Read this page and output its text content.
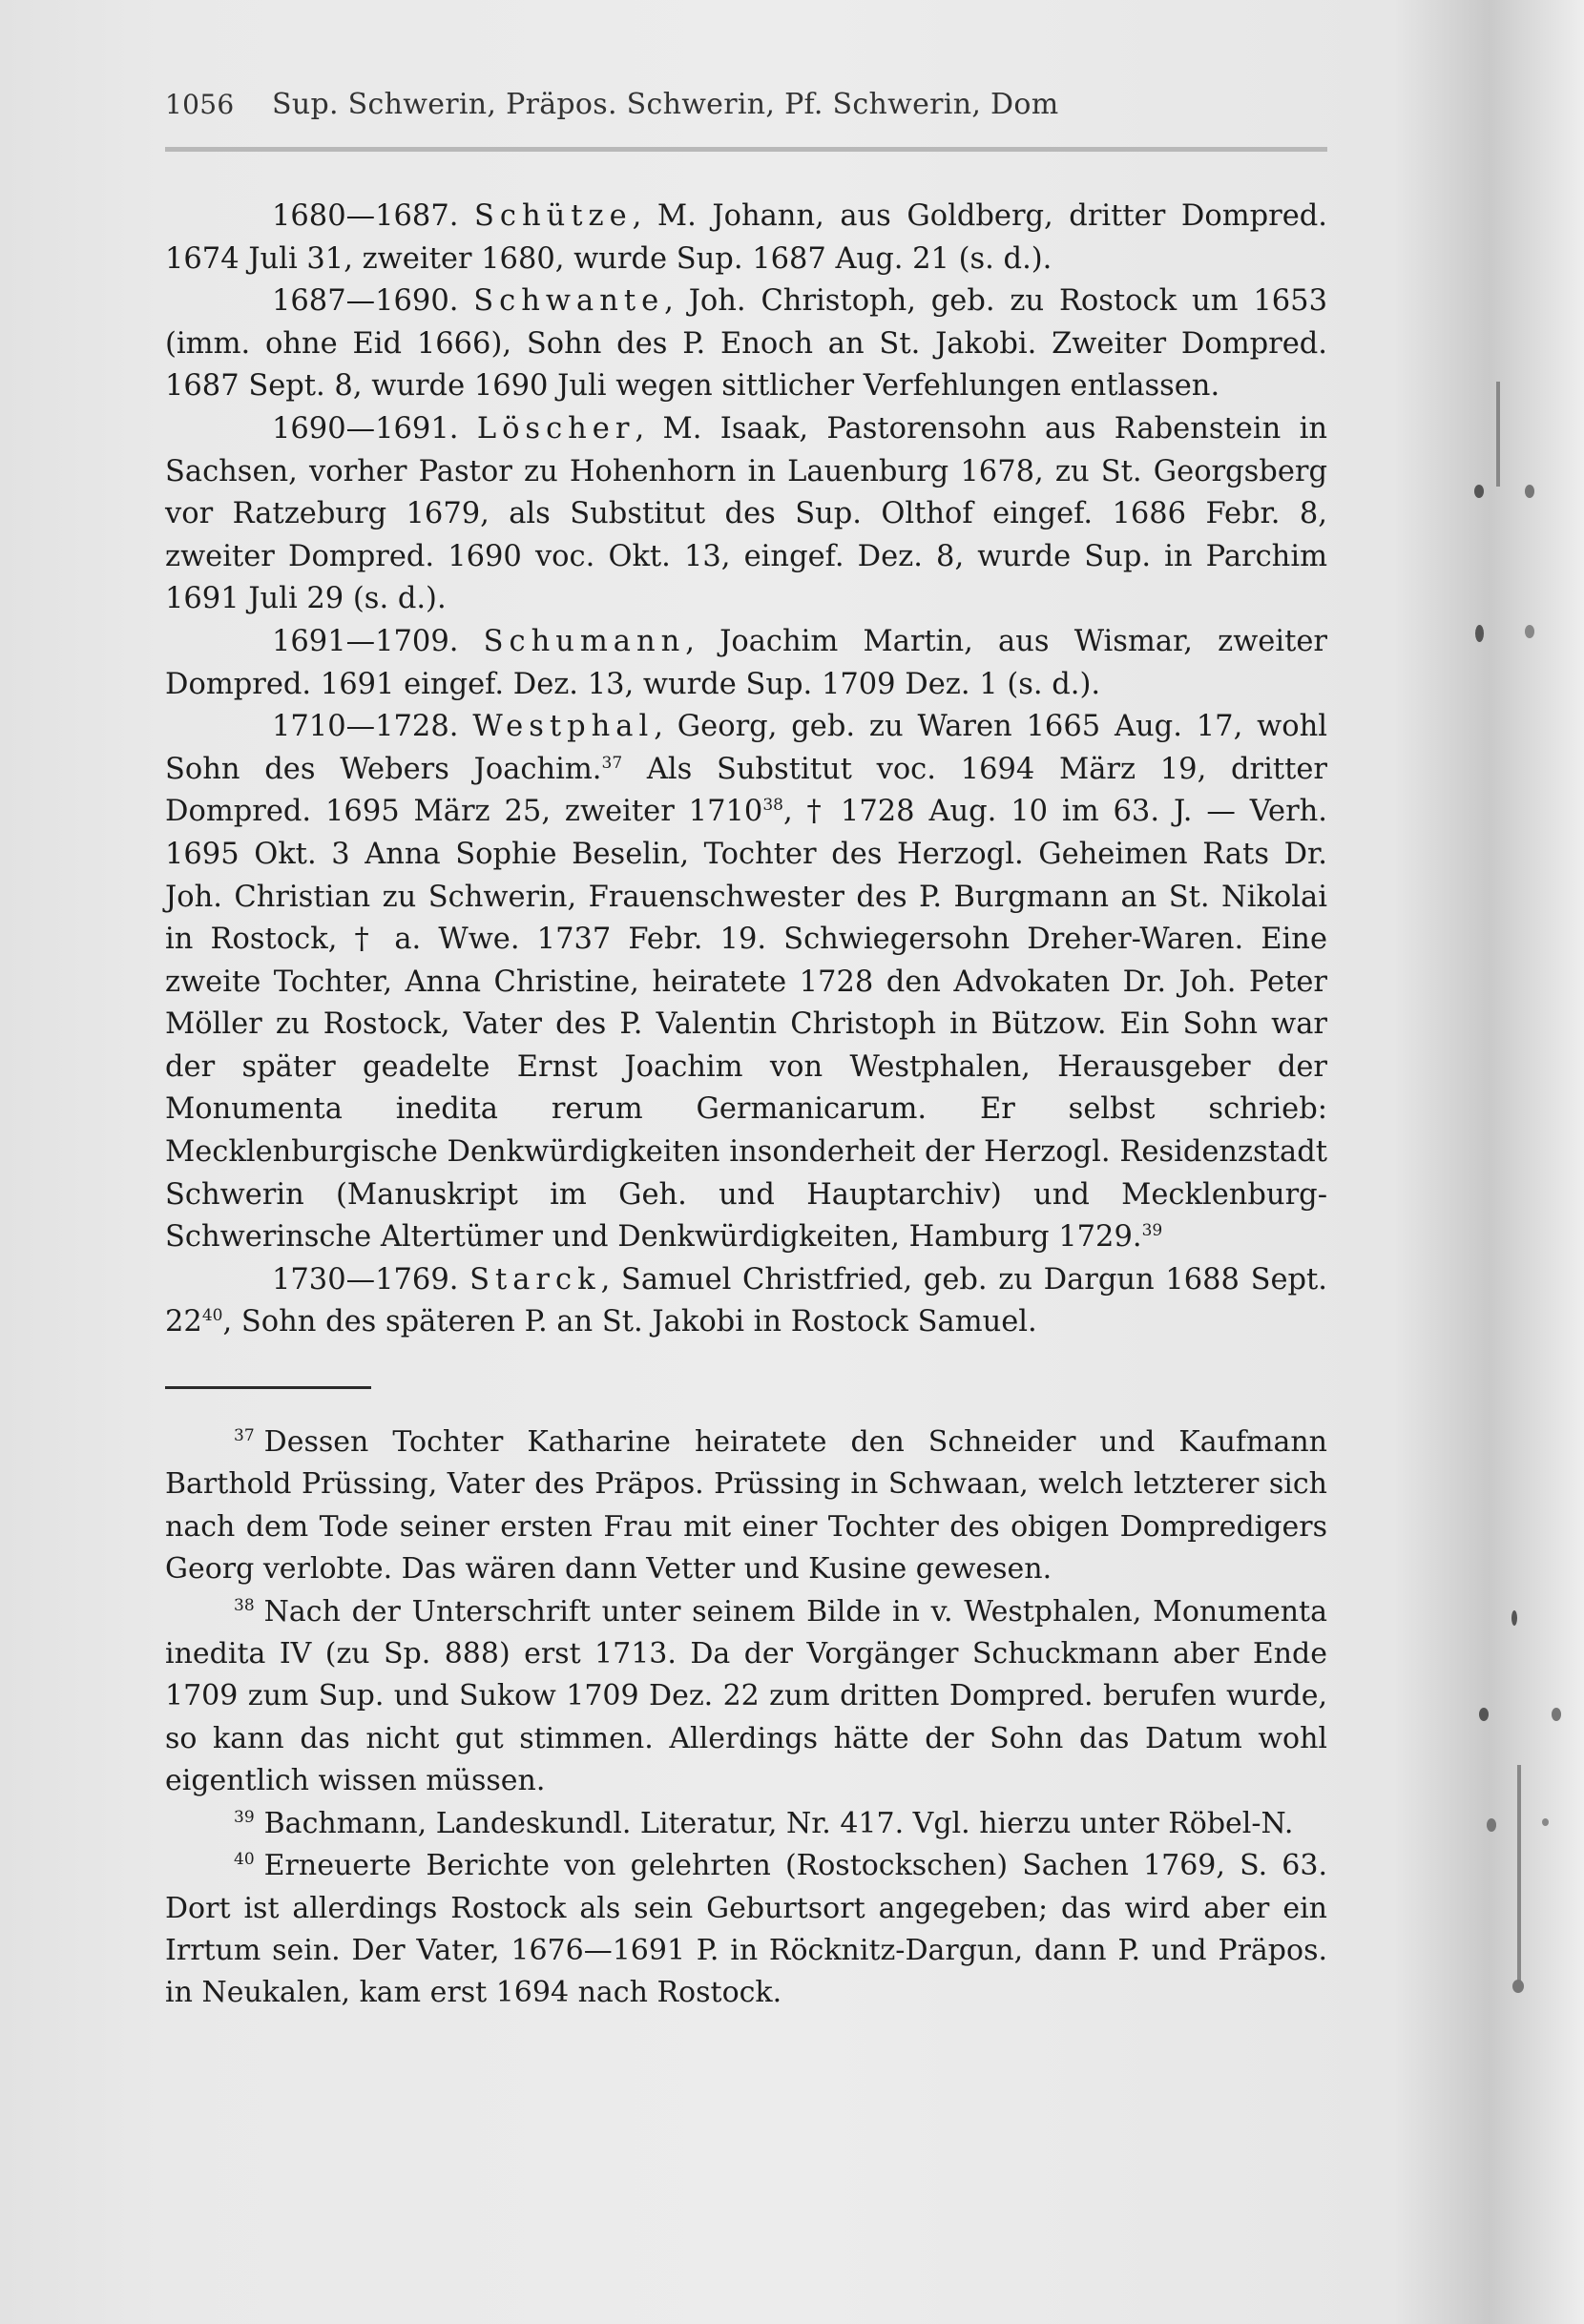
1056	Sup. Schwerin, Präpos. Schwerin, Pf. Schwerin, Dom

1680—1687. Schütze, M. Johann, aus Goldberg, dritter Dompred. 1674 Juli 31, zweiter 1680, wurde Sup. 1687 Aug. 21 (s. d.).

1687—1690. Schwante, Joh. Christoph, geb. zu Rostock um 1653 (imm. ohne Eid 1666), Sohn des P. Enoch an St. Jakobi. Zweiter Dompred. 1687 Sept. 8, wurde 1690 Juli wegen sittlicher Verfehlungen entlassen.

1690—1691. Löscher, M. Isaak, Pastorensohn aus Rabenstein in Sachsen, vorher Pastor zu Hohenhorn in Lauenburg 1678, zu St. Georgsberg vor Ratzeburg 1679, als Substitut des Sup. Olthof eingef. 1686 Febr. 8, zweiter Dompred. 1690 voc. Okt. 13, eingef. Dez. 8, wurde Sup. in Parchim 1691 Juli 29 (s. d.).

1691—1709. Schumann, Joachim Martin, aus Wismar, zweiter Dompred. 1691 eingef. Dez. 13, wurde Sup. 1709 Dez. 1 (s. d.).

1710—1728. Westphal, Georg, geb. zu Waren 1665 Aug. 17, wohl Sohn des Webers Joachim.$^{37}$ Als Substitut voc. 1694 März 19, dritter Dompred. 1695 März 25, zweiter 1710$^{38}$, † 1728 Aug. 10 im 63. J. — Verh. 1695 Okt. 3 Anna Sophie Beselin, Tochter des Herzogl. Geheimen Rats Dr. Joh. Christian zu Schwerin, Frauenschwester des P. Burgmann an St. Nikolai in Rostock, † a. Wwe. 1737 Febr. 19. Schwiegersohn Dreher-Waren. Eine zweite Tochter, Anna Christine, heiratete 1728 den Advokaten Dr. Joh. Peter Möller zu Rostock, Vater des P. Valentin Christoph in Bützow. Ein Sohn war der später geadelte Ernst Joachim von Westphalen, Herausgeber der Monumenta inedita rerum Germanicarum. Er selbst schrieb: Mecklenburgische Denkwürdigkeiten insonderheit der Herzogl. Residenzstadt Schwerin (Manuskript im Geh. und Hauptarchiv) und Mecklenburg-Schwerinsche Altertümer und Denkwürdigkeiten, Hamburg 1729.39

1730—1769. Starck, Samuel Christfried, geb. zu Dargun 1688 Sept. $22^{40}$, Sohn des späteren P. an St. Jakobi in Rostock Samuel.

$^{37}$ Dessen Tochter Katharine heiratete den Schneider und Kaufmann Barthold Prüssing, Vater des Präpos. Prüssing in Schwaan, welch letzterer sich nach dem Tode seiner ersten Frau mit einer Tochter des obigen Dompredigers Georg verlobte. Das wären dann Vetter und Kusine gewesen.

$^{38}$ Nach der Unterschrift unter seinem Bilde in v. Westphalen, Monumenta inedita IV (zu Sp. 888) erst 1713. Da der Vorgänger Schuckmann aber Ende 1709 zum Sup. und Sukow 1709 Dez. 22 zum dritten Dompred. berufen wurde, so kann das nicht gut stimmen. Allerdings hätte der Sohn das Datum wohl eigentlich wissen müssen.

$^{39}$ Bachmann, Landeskundl. Literatur, Nr. 417. Vgl. hierzu unter Röbel-N.

$^{40}$ Erneuerte Berichte von gelehrten (Rostockschen) Sachen 1769, S. 63. Dort ist allerdings Rostock als sein Geburtsort angegeben; das wird aber ein Irrtum sein. Der Vater, 1676—1691 P. in Röcknitz-Dargun, dann P. und Präpos. in Neukalen, kam erst 1694 nach Rostock.
